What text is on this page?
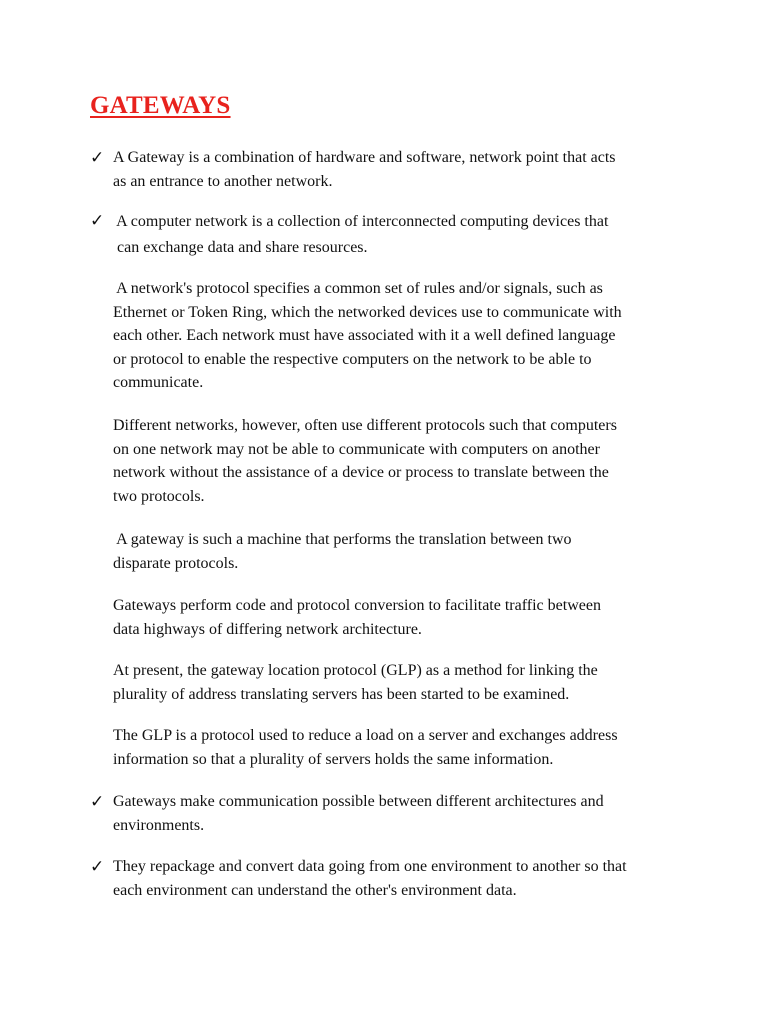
GATEWAYS
✓ A Gateway is a combination of hardware and software, network point that acts
as an entrance to another network.

✓ A computer network is a collection of interconnected computing devices that
can exchange data and share resources.

A network's protocol specifies a common set of rules and/or signals, such as
Ethernet or Token Ring, which the networked devices use to communicate with
each other. Each network must have associated with it a well defined language
or protocol to enable the respective computers on the network to be able to
communicate.

Different networks, however, often use different protocols such that computers
on one network may not be able to communicate with computers on another
network without the assistance of a device or process to translate between the
two protocols.

A gateway is such a machine that performs the translation between two
disparate protocols.

Gateways perform code and protocol conversion to facilitate traffic between
data highways of differing network architecture.

At present, the gateway location protocol (GLP) as a method for linking the
plurality of address translating servers has been started to be examined.

The GLP is a protocol used to reduce a load on a server and exchanges address
information so that a plurality of servers holds the same information.

✓ Gateways make communication possible between different architectures and
environments.

✓ They repackage and convert data going from one environment to another so that
each environment can understand the other's environment data.
